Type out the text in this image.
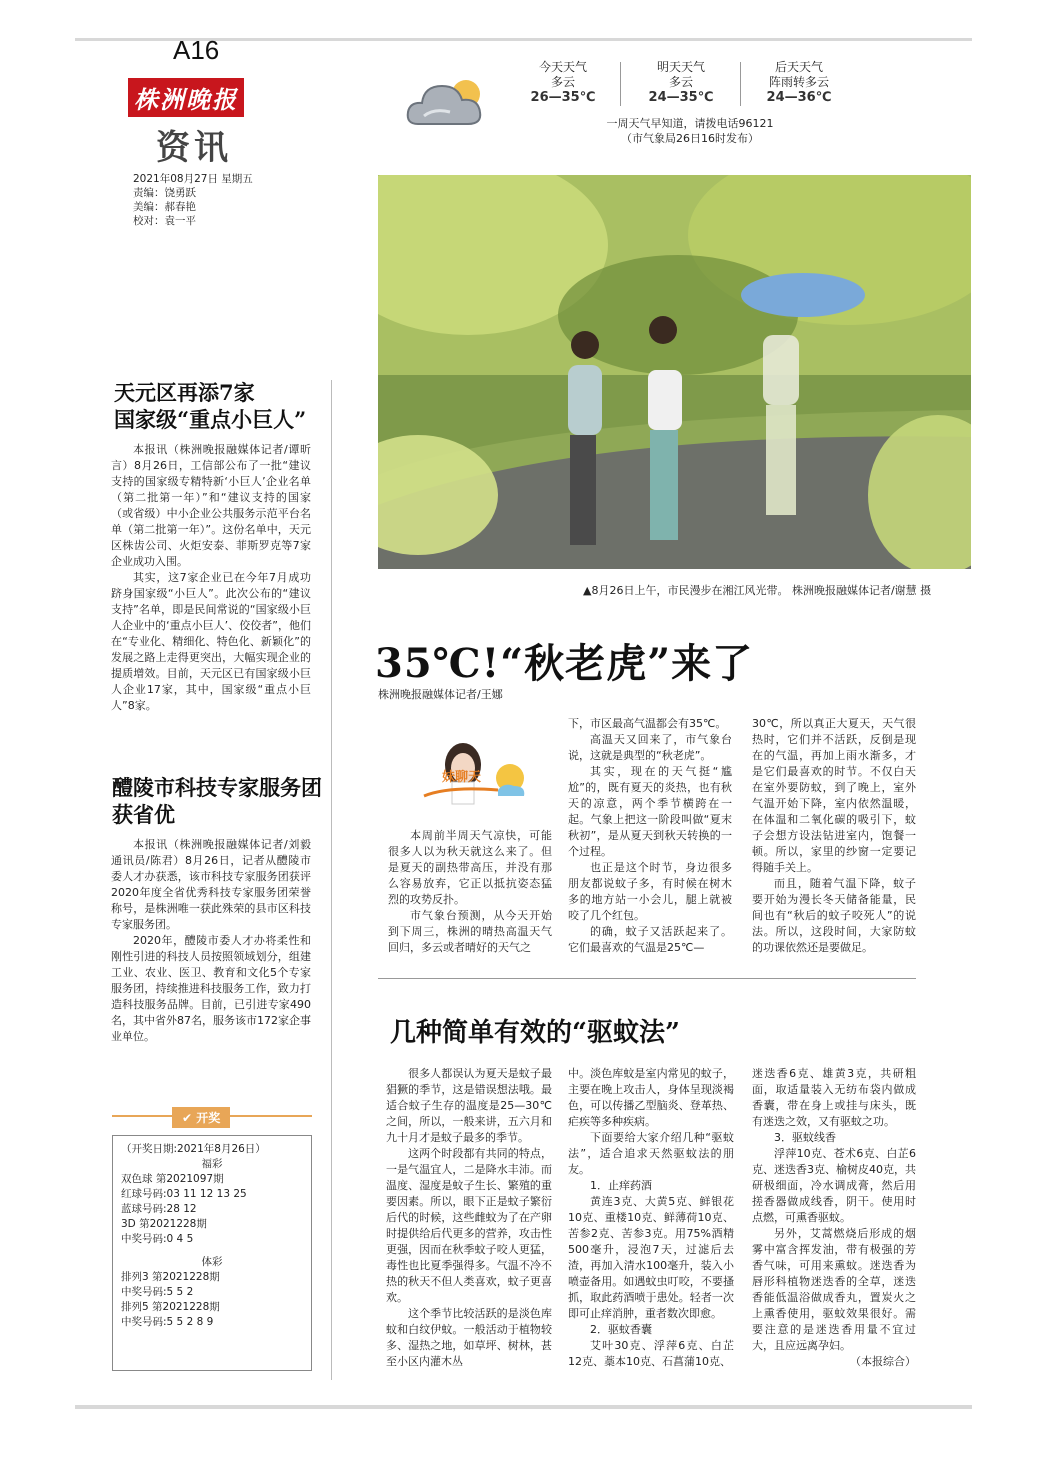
A16
株洲晚报
资讯
2021年08月27日 星期五
责编：饶勇跃
美编：郝春艳
校对：袁一平
今天天气
多云
26—35℃
明天天气
多云
24—35℃
后天天气
阵雨转多云
24—36℃
一周天气早知道，请拨电话96121
（市气象局26日16时发布）
▲8月26日上午，市民漫步在湘江风光带。 株洲晚报融媒体记者/谢慧 摄
天元区再添7家
国家级“重点小巨人”

本报讯（株洲晚报融媒体记者/谭昕言）8月26日，工信部公布了一批“建议支持的国家级专精特新‘小巨人’企业名单（第二批第一年）”和“建议支持的国家（或省级）中小企业公共服务示范平台名单（第二批第一年）”。这份名单中，天元区株齿公司、火炬安泰、菲斯罗克等7家企业成功入围。

其实，这7家企业已在今年7月成功跻身国家级“小巨人”。此次公布的“建议支持”名单，即是民间常说的“国家级小巨人企业中的‘重点小巨人’、佼佼者”，他们在“专业化、精细化、特色化、新颖化”的发展之路上走得更突出，大幅实现企业的提质增效。目前，天元区已有国家级小巨人企业17家，其中，国家级“重点小巨人”8家。

醴陵市科技专家服务团
获省优

本报讯（株洲晚报融媒体记者/刘毅 通讯员/陈君）8月26日，记者从醴陵市委人才办获悉，该市科技专家服务团获评2020年度全省优秀科技专家服务团荣誉称号，是株洲唯一获此殊荣的县市区科技专家服务团。

2020年，醴陵市委人才办将柔性和刚性引进的科技人员按照领域划分，组建工业、农业、医卫、教育和文化5个专家服务团，持续推进科技服务工作，致力打造科技服务品牌。目前，已引进专家490名，其中省外87名，服务该市172家企事业单位。

✔ 开奖
（开奖日期:2021年8月26日）
福彩
双色球 第2021097期
红球号码:03 11 12 13 25
蓝球号码:28 12
3D 第2021228期
中奖号码:0 4 5
体彩
排列3 第2021228期
中奖号码:5 5 2
排列5 第2021228期
中奖号码:5 5 2 8 9
35℃!“秋老虎”来了
株洲晚报融媒体记者/王娜
妹聊天

本周前半周天气凉快，可能很多人以为秋天就这么来了。但是夏天的副热带高压，并没有那么容易放弃，它正以抵抗姿态猛烈的攻势反扑。

市气象台预测，从今天开始到下周三，株洲的晴热高温天气回归，多云或者晴好的天气之

下，市区最高气温都会有35℃。

高温天又回来了，市气象台说，这就是典型的“秋老虎”。

其实，现在的天气挺“尴尬”的，既有夏天的炎热，也有秋天的凉意，两个季节横跨在一起。气象上把这一阶段叫做“夏末秋初”，是从夏天到秋天转换的一个过程。

也正是这个时节，身边很多朋友都说蚊子多，有时候在树木多的地方站一小会儿，腿上就被咬了几个红包。

的确，蚊子又活跃起来了。它们最喜欢的气温是25℃—

30℃，所以真正大夏天，天气很热时，它们并不活跃，反倒是现在的气温，再加上雨水渐多，才是它们最喜欢的时节。不仅白天在室外要防蚊，到了晚上，室外气温开始下降，室内依然温暖，在体温和二氧化碳的吸引下，蚊子会想方设法钻进室内，饱餐一顿。所以，家里的纱窗一定要记得随手关上。

而且，随着气温下降，蚊子要开始为漫长冬天储备能量，民间也有“秋后的蚊子咬死人”的说法。所以，这段时间，大家防蚊的功课依然还是要做足。

几种简单有效的“驱蚊法”

很多人都误认为夏天是蚊子最猖獗的季节，这是错误想法哦。最适合蚊子生存的温度是25—30℃之间，所以，一般来讲，五六月和九十月才是蚊子最多的季节。

这两个时段都有共同的特点，一是气温宜人，二是降水丰沛。而温度、湿度是蚊子生长、繁殖的重要因素。所以，眼下正是蚊子繁衍后代的时候，这些雌蚊为了在产卵时提供给后代更多的营养，攻击性更强，因而在秋季蚊子咬人更猛，毒性也比夏季强得多。气温不冷不热的秋天不但人类喜欢，蚊子更喜欢。

这个季节比较活跃的是淡色库蚊和白纹伊蚊。一般活动于植物较多、湿热之地，如草坪、树林，甚至小区内灌木丛

中。淡色库蚊是室内常见的蚊子，主要在晚上攻击人，身体呈现淡褐色，可以传播乙型脑炎、登革热、疟疾等多种疾病。

下面要给大家介绍几种“驱蚊法”，适合追求天然驱蚊法的朋友。

1．止痒药酒

黄连3克、大黄5克、鲜银花10克、重楼10克、鲜薄荷10克、苦参2克、苦参3克。用75%酒精500毫升，浸泡7天，过滤后去渣，再加入清水100毫升，装入小喷壶备用。如遇蚊虫叮咬，不要搔抓，取此药酒喷于患处。轻者一次即可止痒消肿，重者数次即愈。

2．驱蚊香囊

艾叶30克、浮萍6克、白芷12克、藁本10克、石菖蒲10克、

迷迭香6克、雄黄3克，共研粗面，取适量装入无纺布袋内做成香囊，带在身上或挂与床头，既有迷迭之效，又有驱蚊之功。

3．驱蚊线香

浮萍10克、苍术6克、白芷6克、迷迭香3克、榆树皮40克，共研极细面，冷水调成膏，然后用搓香器做成线香，阴干。使用时点燃，可熏香驱蚊。

另外，艾蒿燃烧后形成的烟雾中富含挥发油，带有极强的芳香气味，可用来熏蚊。迷迭香为唇形科植物迷迭香的全草，迷迭香能低温浴做成香丸，置炭火之上熏香使用，驱蚊效果很好。需要注意的是迷迭香用量不宜过大，且应远离孕妇。

（本报综合）
